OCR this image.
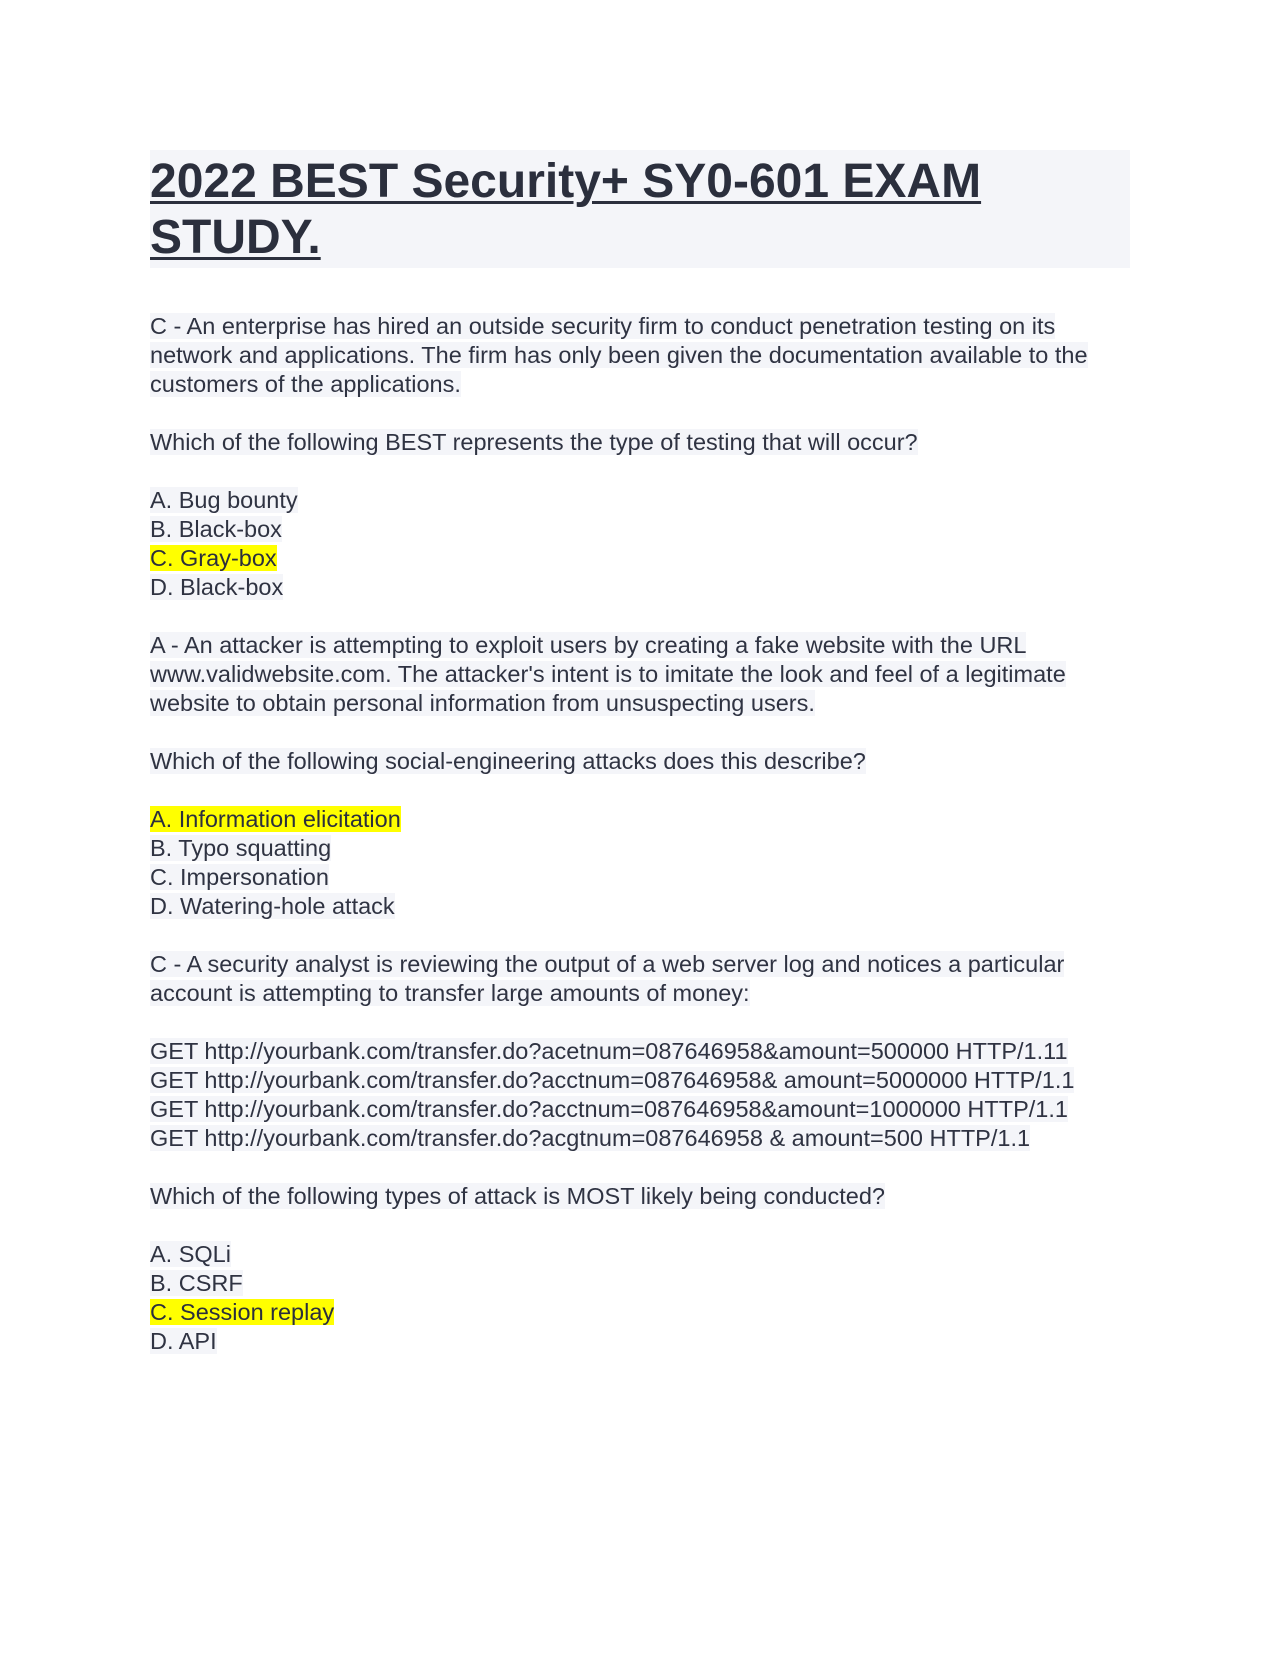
2022 BEST Security+ SY0-601 EXAM STUDY.

C - An enterprise has hired an outside security firm to conduct penetration testing on its network and applications. The firm has only been given the documentation available to the customers of the applications.

Which of the following BEST represents the type of testing that will occur?

A. Bug bounty

B. Black-box

C. Gray-box

D. Black-box

A - An attacker is attempting to exploit users by creating a fake website with the URL www.validwebsite.com. The attacker's intent is to imitate the look and feel of a legitimate website to obtain personal information from unsuspecting users.

Which of the following social-engineering attacks does this describe?

A. Information elicitation

B. Typo squatting

C. Impersonation

D. Watering-hole attack

C - A security analyst is reviewing the output of a web server log and notices a particular account is attempting to transfer large amounts of money:

GET http://yourbank.com/transfer.do?acetnum=087646958&amount=500000 HTTP/1.11

GET http://yourbank.com/transfer.do?acctnum=087646958& amount=5000000 HTTP/1.1

GET http://yourbank.com/transfer.do?acctnum=087646958&amount=1000000 HTTP/1.1

GET http://yourbank.com/transfer.do?acgtnum=087646958 & amount=500 HTTP/1.1

Which of the following types of attack is MOST likely being conducted?

A. SQLi

B. CSRF

C. Session replay

D. API
